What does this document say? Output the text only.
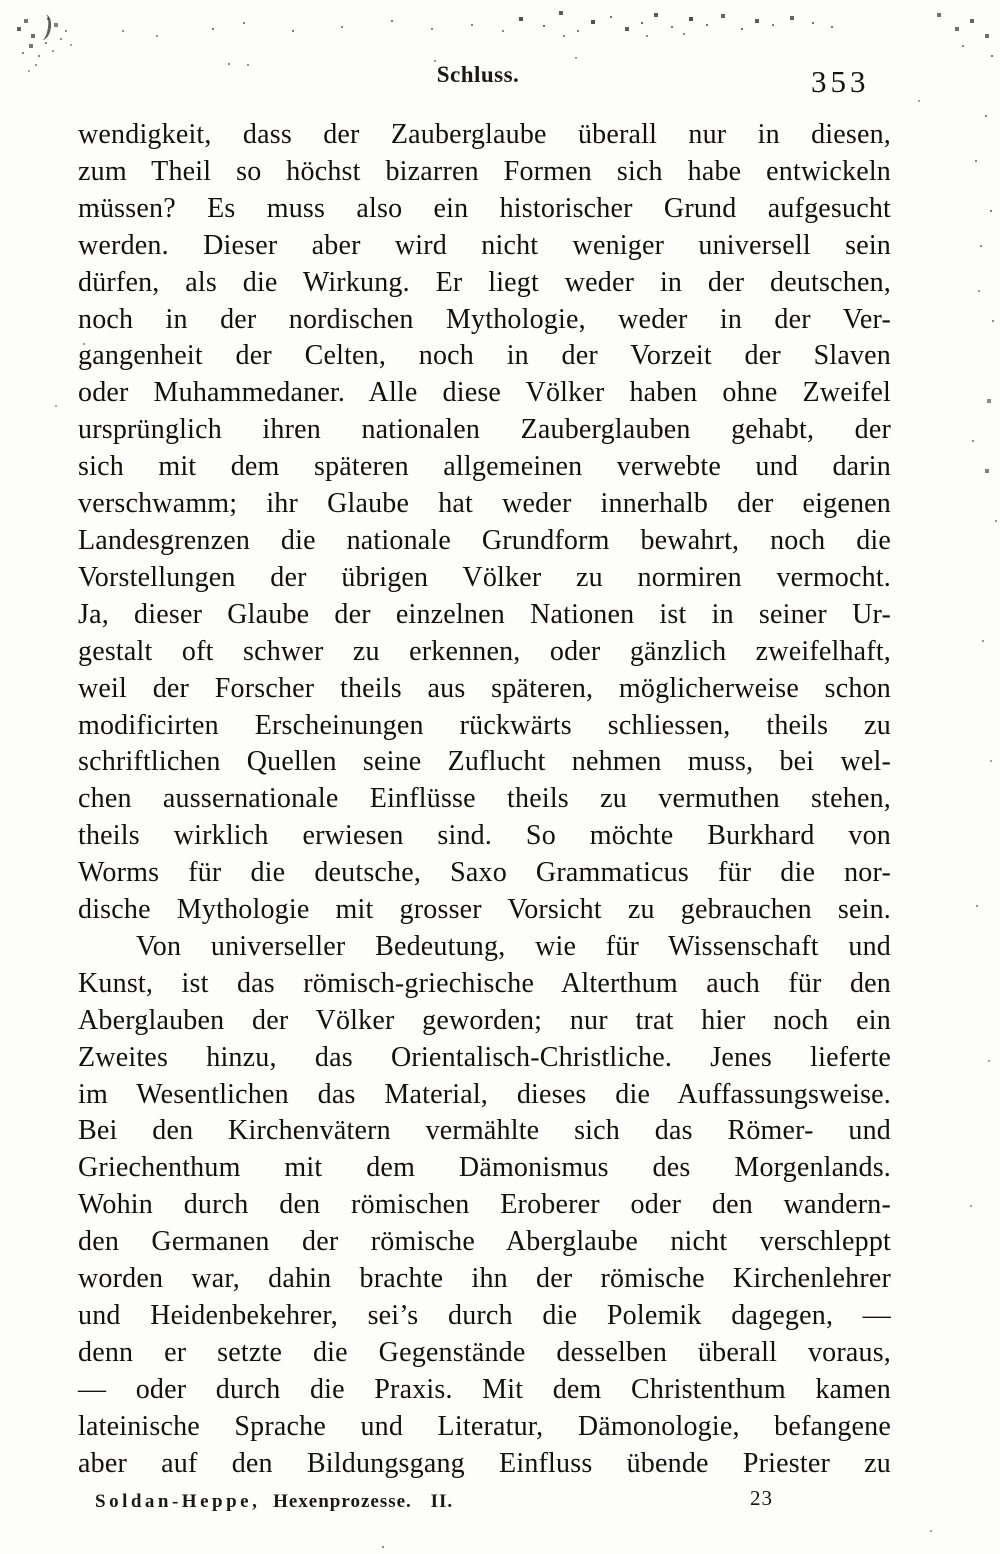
Schluss.	353
wendigkeit, dass der Zauberglaube überall nur in diesen,
zum Theil so höchst bizarren Formen sich habe entwickeln
müssen? Es muss also ein historischer Grund aufgesucht
werden. Dieser aber wird nicht weniger universell sein
dürfen, als die Wirkung. Er liegt weder in der deutschen,
noch in der nordischen Mythologie, weder in der Ver-
gangenheit der Celten, noch in der Vorzeit der Slaven
oder Muhammedaner. Alle diese Völker haben ohne Zweifel
ursprünglich ihren nationalen Zauberglauben gehabt, der
sich mit dem späteren allgemeinen verwebte und darin
verschwamm; ihr Glaube hat weder innerhalb der eigenen
Landesgrenzen die nationale Grundform bewahrt, noch die
Vorstellungen der übrigen Völker zu normiren vermocht.
Ja, dieser Glaube der einzelnen Nationen ist in seiner Ur-
gestalt oft schwer zu erkennen, oder gänzlich zweifelhaft,
weil der Forscher theils aus späteren, möglicherweise schon
modificirten Erscheinungen rückwärts schliessen, theils zu
schriftlichen Quellen seine Zuflucht nehmen muss, bei wel-
chen aussernationale Einflüsse theils zu vermuthen stehen,
theils wirklich erwiesen sind. So möchte Burkhard von
Worms für die deutsche, Saxo Grammaticus für die nor-
dische Mythologie mit grosser Vorsicht zu gebrauchen sein.
Von universeller Bedeutung, wie für Wissenschaft und
Kunst, ist das römisch-griechische Alterthum auch für den
Aberglauben der Völker geworden; nur trat hier noch ein
Zweites hinzu, das Orientalisch-Christliche. Jenes lieferte
im Wesentlichen das Material, dieses die Auffassungsweise.
Bei den Kirchenvätern vermählte sich das Römer- und
Griechenthum mit dem Dämonismus des Morgenlands.
Wohin durch den römischen Eroberer oder den wandern-
den Germanen der römische Aberglaube nicht verschleppt
worden war, dahin brachte ihn der römische Kirchenlehrer
und Heidenbekehrer, sei’s durch die Polemik dagegen, —
denn er setzte die Gegenstände desselben überall voraus,
— oder durch die Praxis. Mit dem Christenthum kamen
lateinische Sprache und Literatur, Dämonologie, befangene
aber auf den Bildungsgang Einfluss übende Priester zu
Soldan-Heppe, Hexenprozesse. II.	23
